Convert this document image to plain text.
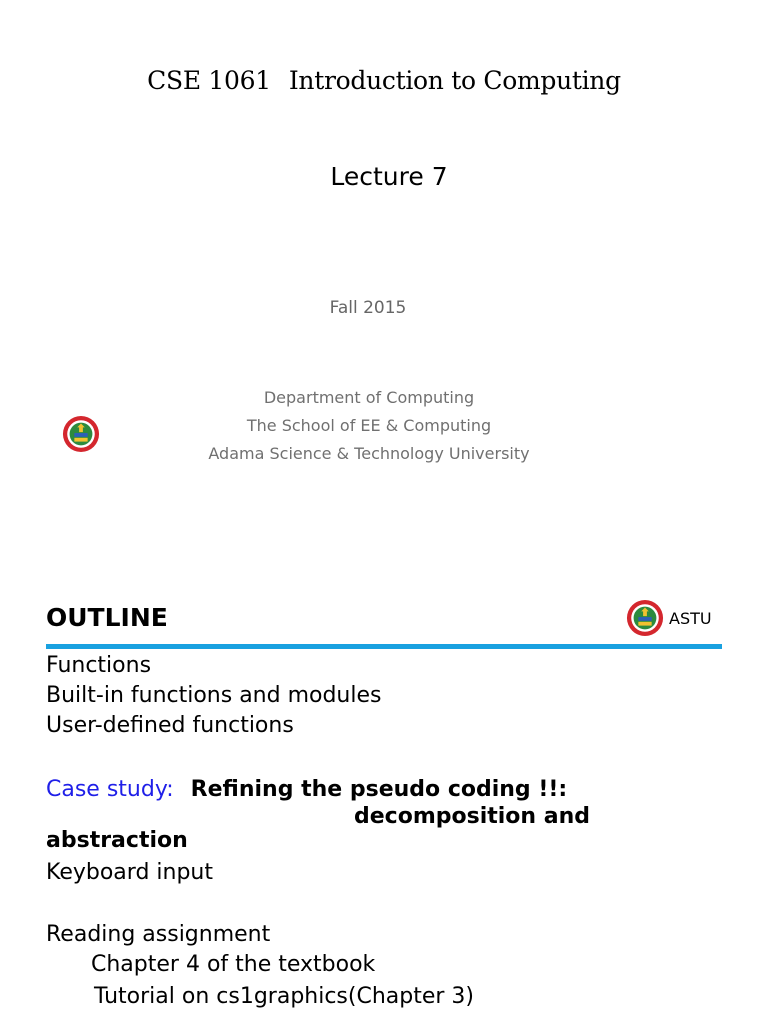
CSE 1061 Introduction to Computing
Lecture 7
Fall 2015
Department of Computing
The School of EE & Computing
Adama Science & Technology University
OUTLINE	ASTU
Functions
Built-in functions and modules
User-defined functions
Case study: Refining the pseudo coding !!:
decomposition and
abstraction
Keyboard input
Reading assignment
Chapter 4 of the textbook
Tutorial on cs1graphics(Chapter 3)
